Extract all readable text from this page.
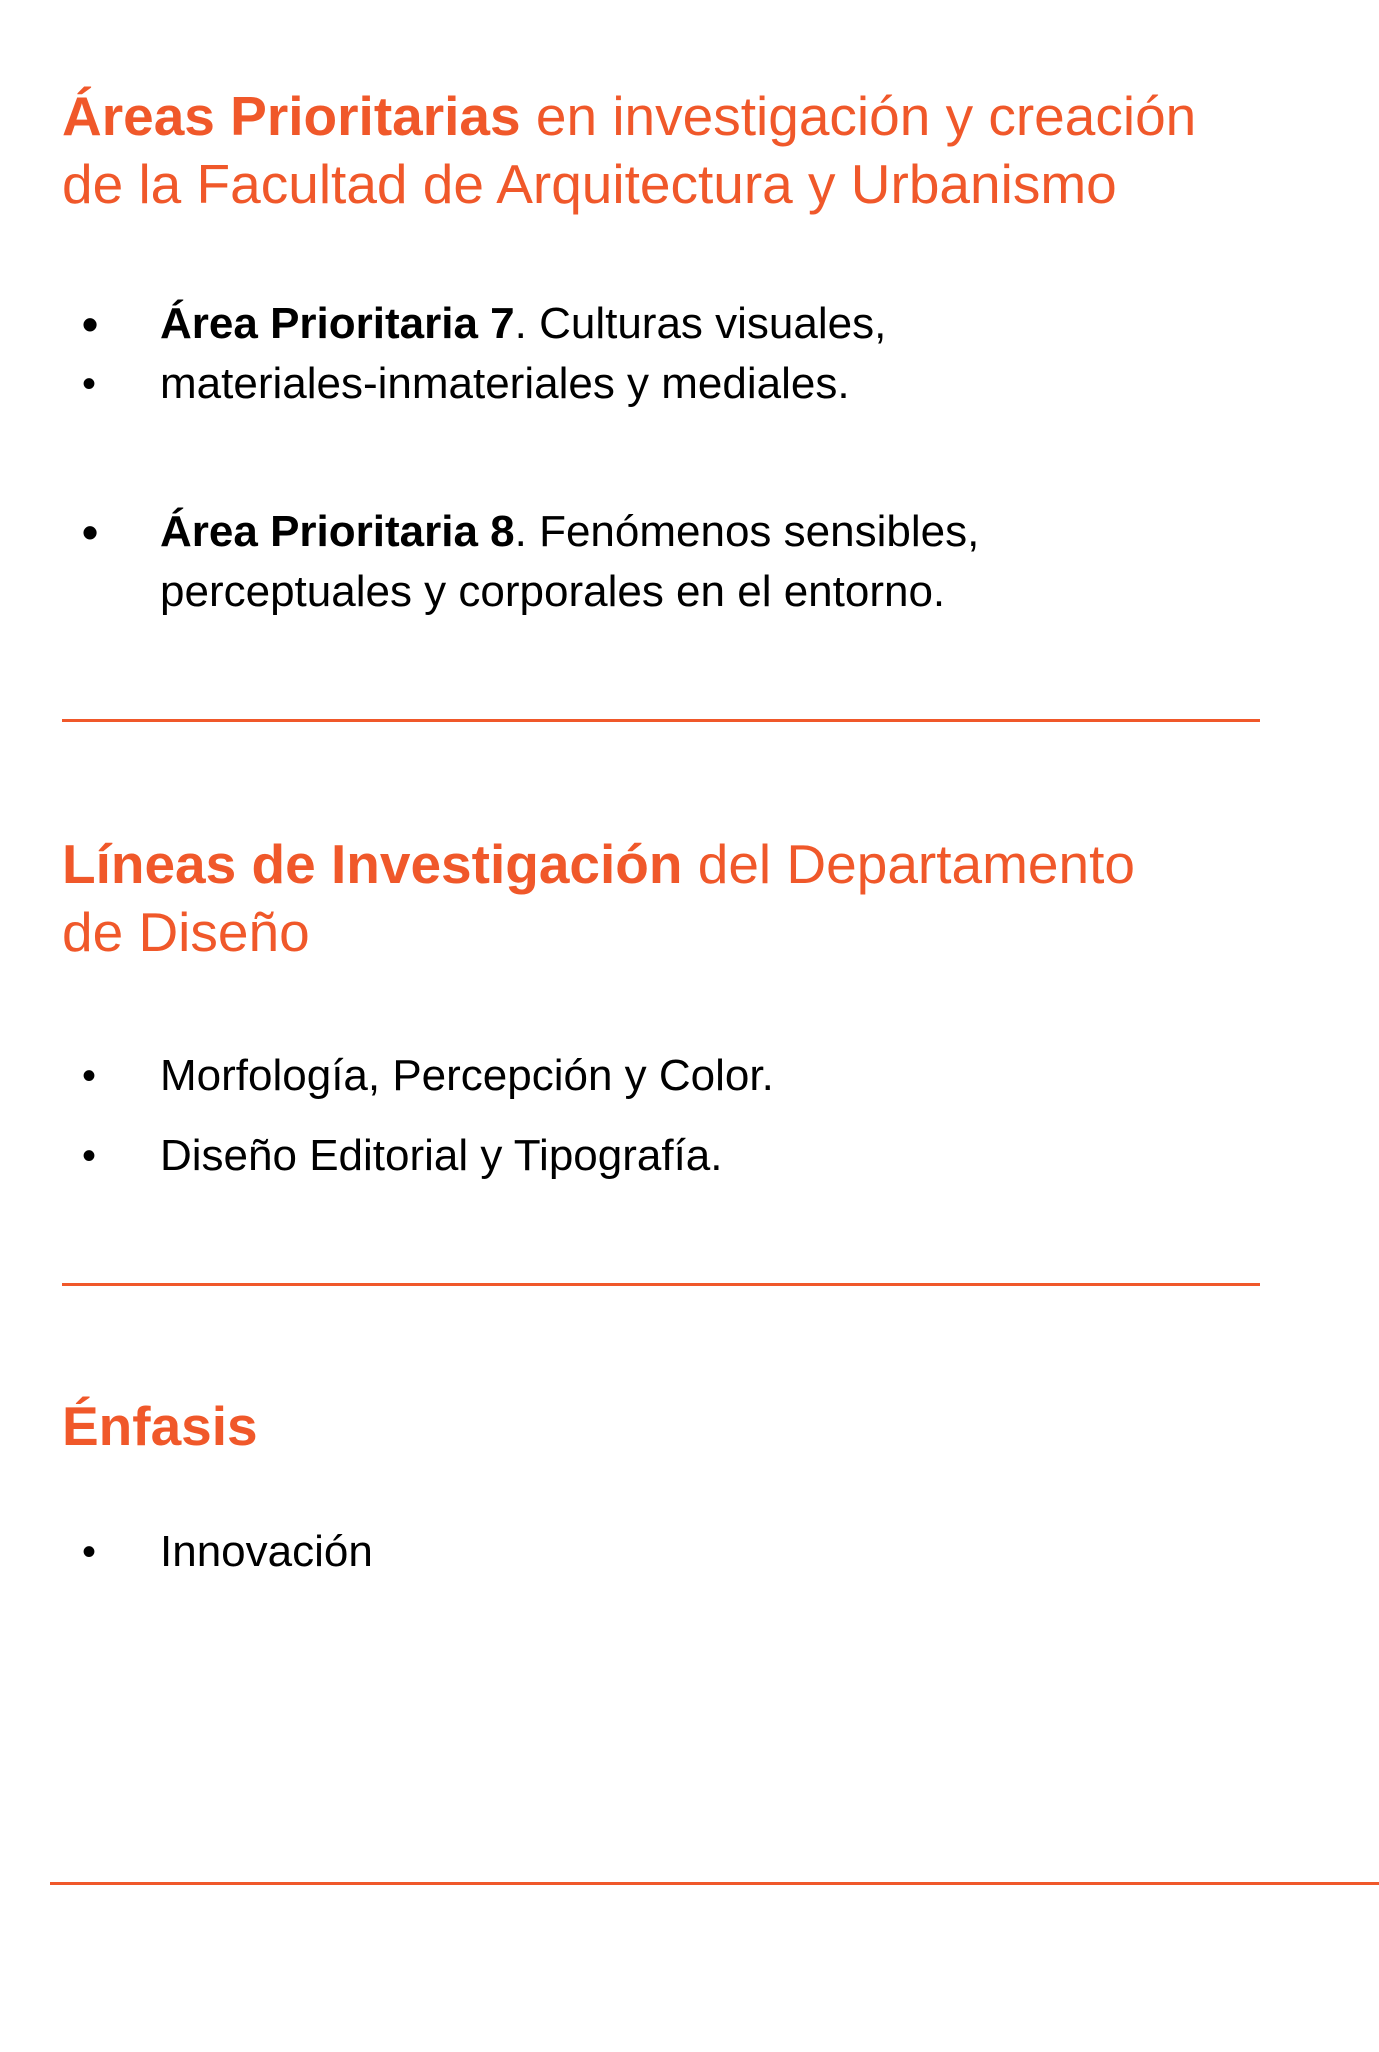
Áreas Prioritarias en investigación y creación
de la Facultad de Arquitectura y Urbanismo
•
•
Área Prioritaria 7. Culturas visuales,
materiales-inmateriales y mediales.
• Área Prioritaria 8. Fenómenos sensibles,
perceptuales y corporales en el entorno.
Líneas de Investigación del Departamento
de Diseño
• Morfología, Percepción y Color.
• Diseño Editorial y Tipografía.
Énfasis
• Innovación
